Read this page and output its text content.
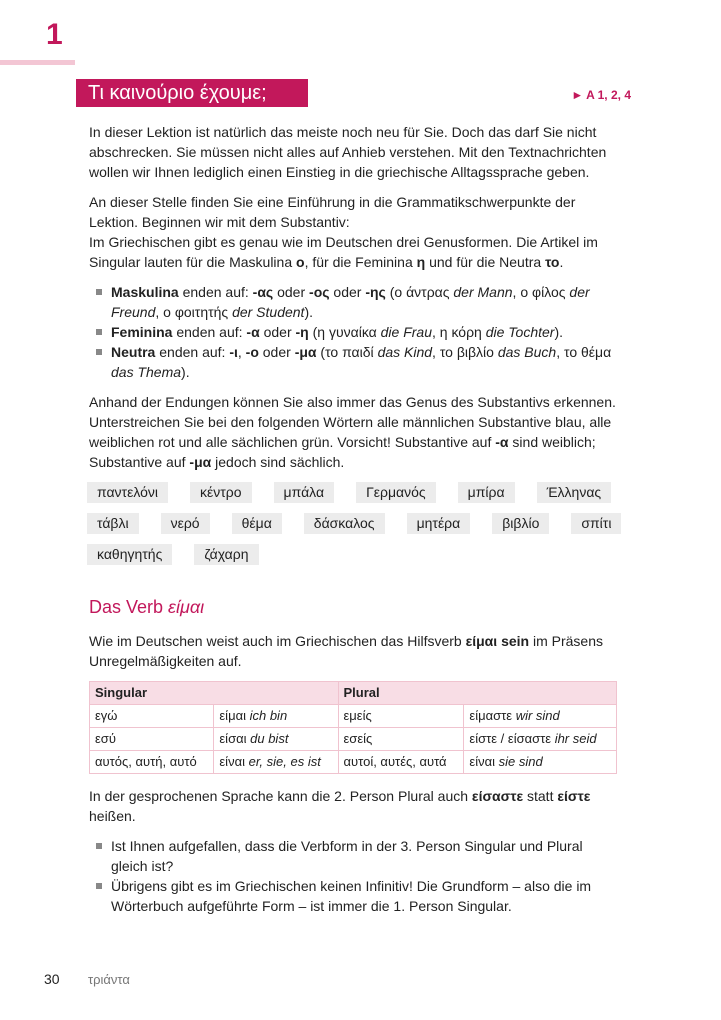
1
Τι καινούριο έχουμε;	► A 1, 2, 4

In dieser Lektion ist natürlich das meiste noch neu für Sie. Doch das darf Sie nicht abschrecken. Sie müssen nicht alles auf Anhieb verstehen. Mit den Textnachrichten wollen wir Ihnen lediglich einen Einstieg in die griechische Alltagssprache geben.

An dieser Stelle finden Sie eine Einführung in die Grammatikschwerpunkte der Lektion. Beginnen wir mit dem Substantiv:
Im Griechischen gibt es genau wie im Deutschen drei Genusformen. Die Artikel im Singular lauten für die Maskulina ο, für die Feminina η und für die Neutra το.

Maskulina enden auf: -ας oder -ος oder -ης (ο άντρας der Mann, ο φίλος der Freund, ο φοιτητής der Student).
Feminina enden auf: -α oder -η (η γυναίκα die Frau, η κόρη die Tochter).
Neutra enden auf: -ι, -ο oder -μα (το παιδί das Kind, το βιβλίο das Buch, το θέμα das Thema).

Anhand der Endungen können Sie also immer das Genus des Substantivs erkennen. Unterstreichen Sie bei den folgenden Wörtern alle männlichen Substantive blau, alle weiblichen rot und alle sächlichen grün. Vorsicht! Substantive auf -α sind weiblich; Substantive auf -μα jedoch sind sächlich.

παντελόνι	κέντρο	μπάλα	Γερμανός	μπίρα	Έλληνας
τάβλι	νερό	θέμα	δάσκαλος	μητέρα	βιβλίο	σπίτι
καθηγητής	ζάχαρη
Das Verb είμαι

Wie im Deutschen weist auch im Griechischen das Hilfsverb είμαι sein im Präsens Unregelmäßigkeiten auf.

Singular		Plural	
εγώ	είμαι ich bin	εμείς	είμαστε wir sind
εσύ	είσαι du bist	εσείς	είστε / είσαστε ihr seid
αυτός, αυτή, αυτό	είναι er, sie, es ist	αυτοί, αυτές, αυτά	είναι sie sind

In der gesprochenen Sprache kann die 2. Person Plural auch είσαστε statt είστε heißen.

Ist Ihnen aufgefallen, dass die Verbform in der 3. Person Singular und Plural gleich ist?
Übrigens gibt es im Griechischen keinen Infinitiv! Die Grundform – also die im Wörterbuch aufgeführte Form – ist immer die 1. Person Singular.
30 τριάντα
